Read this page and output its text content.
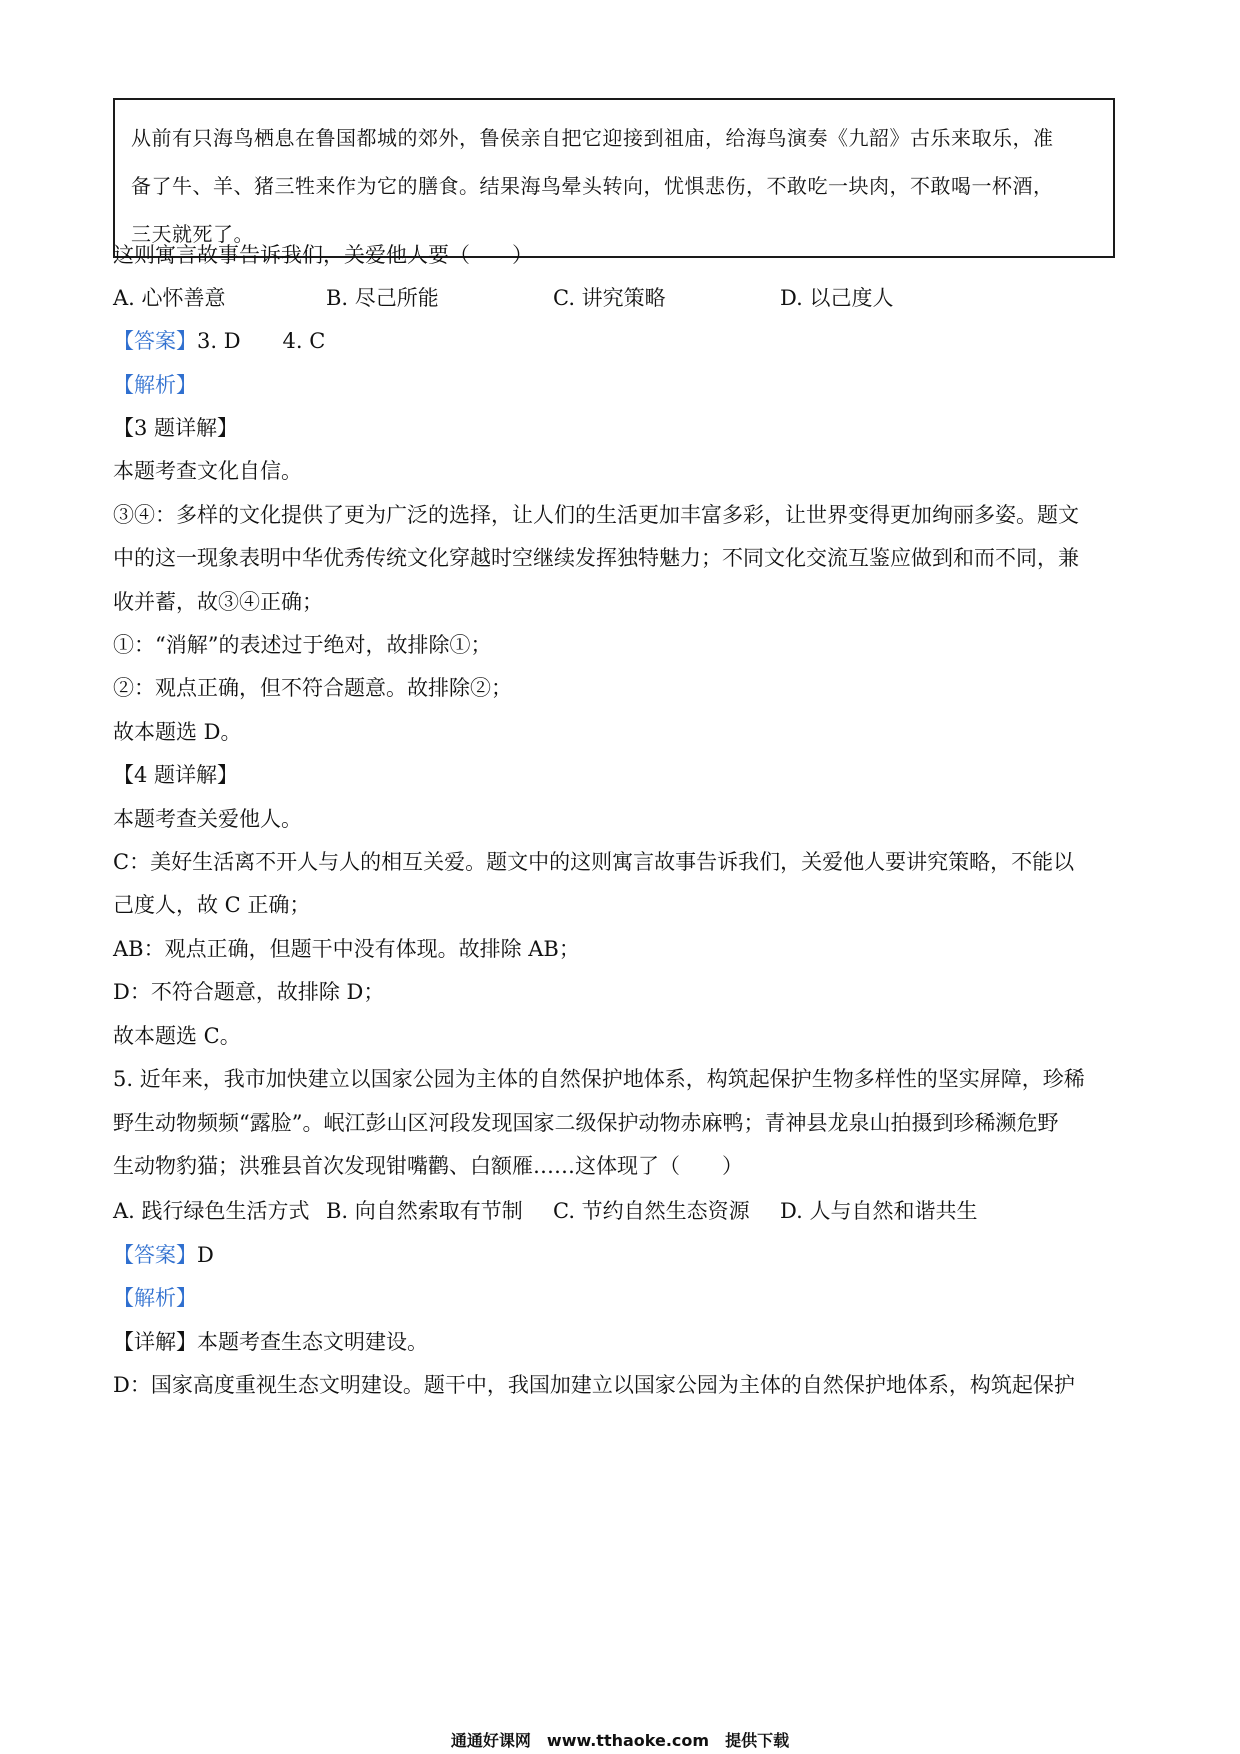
从前有只海鸟栖息在鲁国都城的郊外，鲁侯亲自把它迎接到祖庙，给海鸟演奏《九韶》古乐来取乐，准

备了牛、羊、猪三牲来作为它的膳食。结果海鸟晕头转向，忧惧悲伤，不敢吃一块肉，不敢喝一杯酒，

三天就死了。

这则寓言故事告诉我们，关爱他人要（　　）
A. 心怀善意	B. 尽己所能	C. 讲究策略	D. 以己度人
【答案】3. D　　4. C
【解析】
【3 题详解】
本题考查文化自信。
③④：多样的文化提供了更为广泛的选择，让人们的生活更加丰富多彩，让世界变得更加绚丽多姿。题文
中的这一现象表明中华优秀传统文化穿越时空继续发挥独特魅力；不同文化交流互鉴应做到和而不同，兼
收并蓄，故③④正确；
①：“消解”的表述过于绝对，故排除①；
②：观点正确，但不符合题意。故排除②；
故本题选 D。
【4 题详解】
本题考查关爱他人。
C：美好生活离不开人与人的相互关爱。题文中的这则寓言故事告诉我们，关爱他人要讲究策略，不能以
己度人，故 C 正确；
AB：观点正确，但题干中没有体现。故排除 AB；
D：不符合题意，故排除 D；
故本题选 C。
5. 近年来，我市加快建立以国家公园为主体的自然保护地体系，构筑起保护生物多样性的坚实屏障，珍稀
野生动物频频“露脸”。岷江彭山区河段发现国家二级保护动物赤麻鸭；青神县龙泉山拍摄到珍稀濒危野
生动物豹猫；洪雅县首次发现钳嘴鹳、白额雁……这体现了（　　）
A. 践行绿色生活方式 B. 向自然索取有节制 C. 节约自然生态资源 D. 人与自然和谐共生
【答案】D
【解析】
【详解】本题考查生态文明建设。
D：国家高度重视生态文明建设。题干中，我国加建立以国家公园为主体的自然保护地体系，构筑起保护
通通好课网　www.tthaoke.com　提供下载
